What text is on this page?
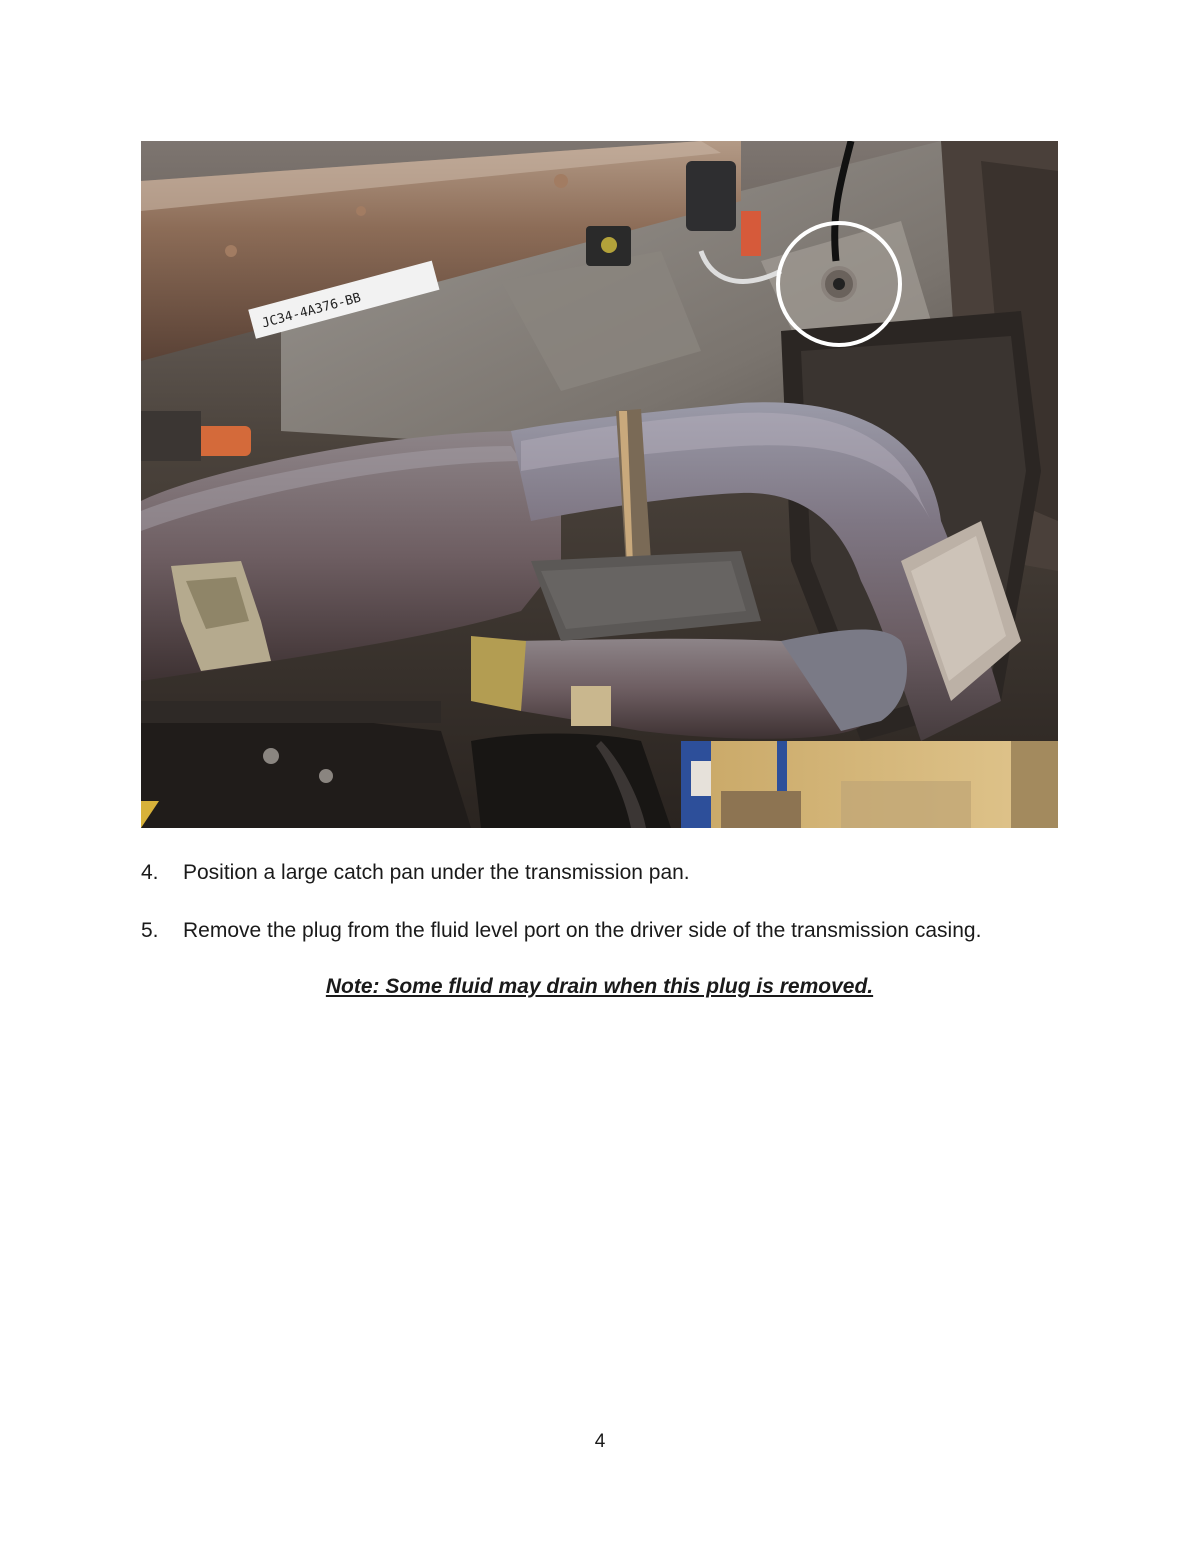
JC34-4A376-BB
4. Position a large catch pan under the transmission pan.
5. Remove the plug from the fluid level port on the driver side of the transmission casing.
Note: Some fluid may drain when this plug is removed.
4
